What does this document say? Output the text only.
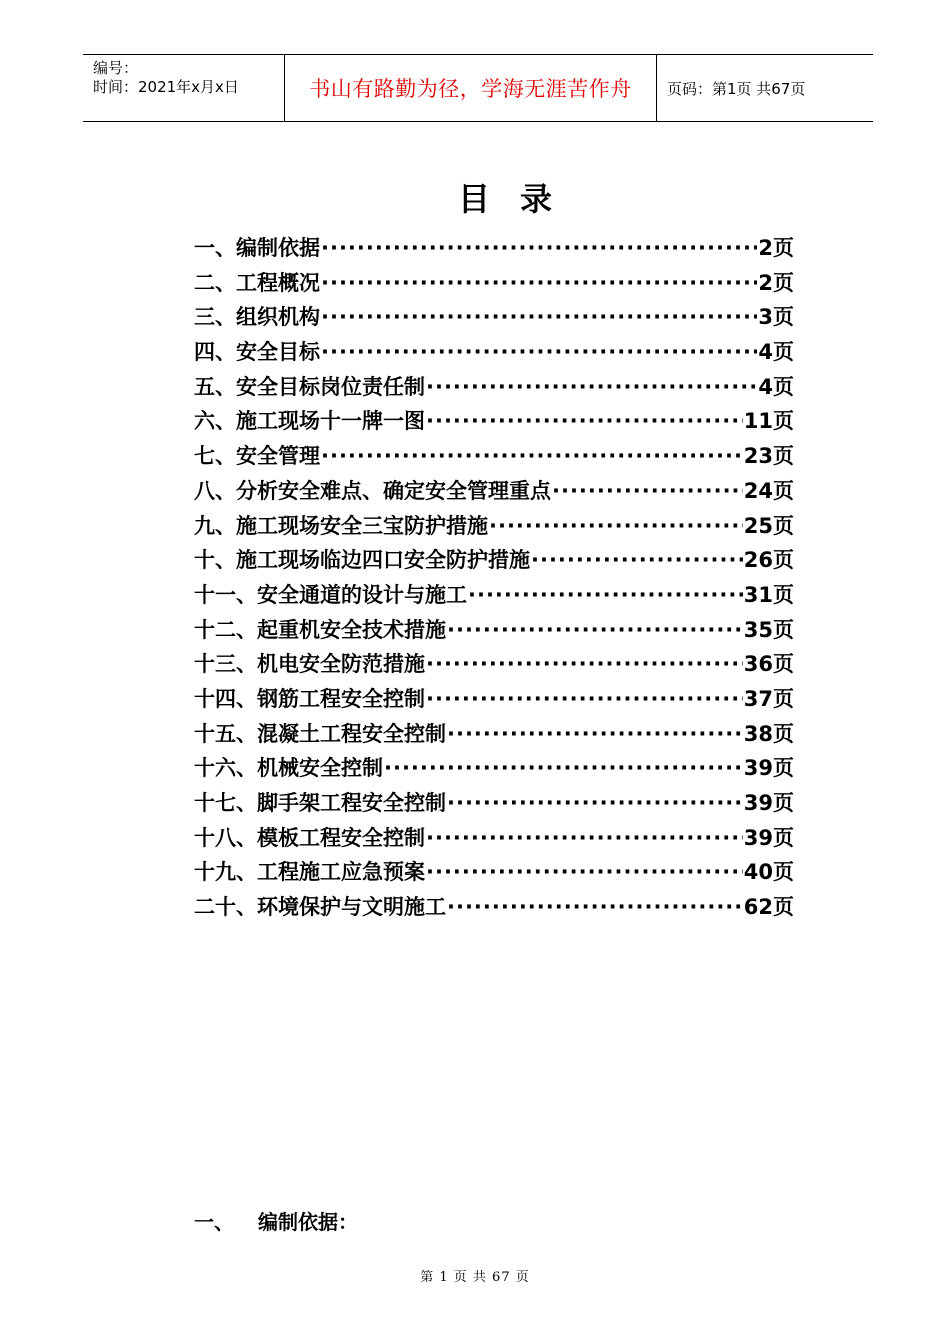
编号：
时间：2021年x月x日	书山有路勤为径，学海无涯苦作舟	页码：第1页 共67页
目录
一、编制依据 ·····	2页
二、工程概况 ·····	2页
三、组织机构 ·····	3页
四、安全目标 ·····	4页
五、安全目标岗位责任制 ·····	4页
六、施工现场十一牌一图 ·····	11页
七、安全管理 ·····	23页
八、分析安全难点、确定安全管理重点 ·····	24页
九、施工现场安全三宝防护措施 ·····	25页
十、施工现场临边四口安全防护措施 ·····	26页
十一、安全通道的设计与施工 ·····	31页
十二、起重机安全技术措施 ·····	35页
十三、机电安全防范措施 ·····	36页
十四、钢筋工程安全控制 ·····	37页
十五、混凝土工程安全控制 ·····	38页
十六、机械安全控制 ·····	39页
十七、脚手架工程安全控制 ·····	39页
十八、模板工程安全控制 ·····	39页
十九、工程施工应急预案 ·····	40页
二十、环境保护与文明施工 ·····	62页
一、 编制依据：
第 1 页 共 67 页
